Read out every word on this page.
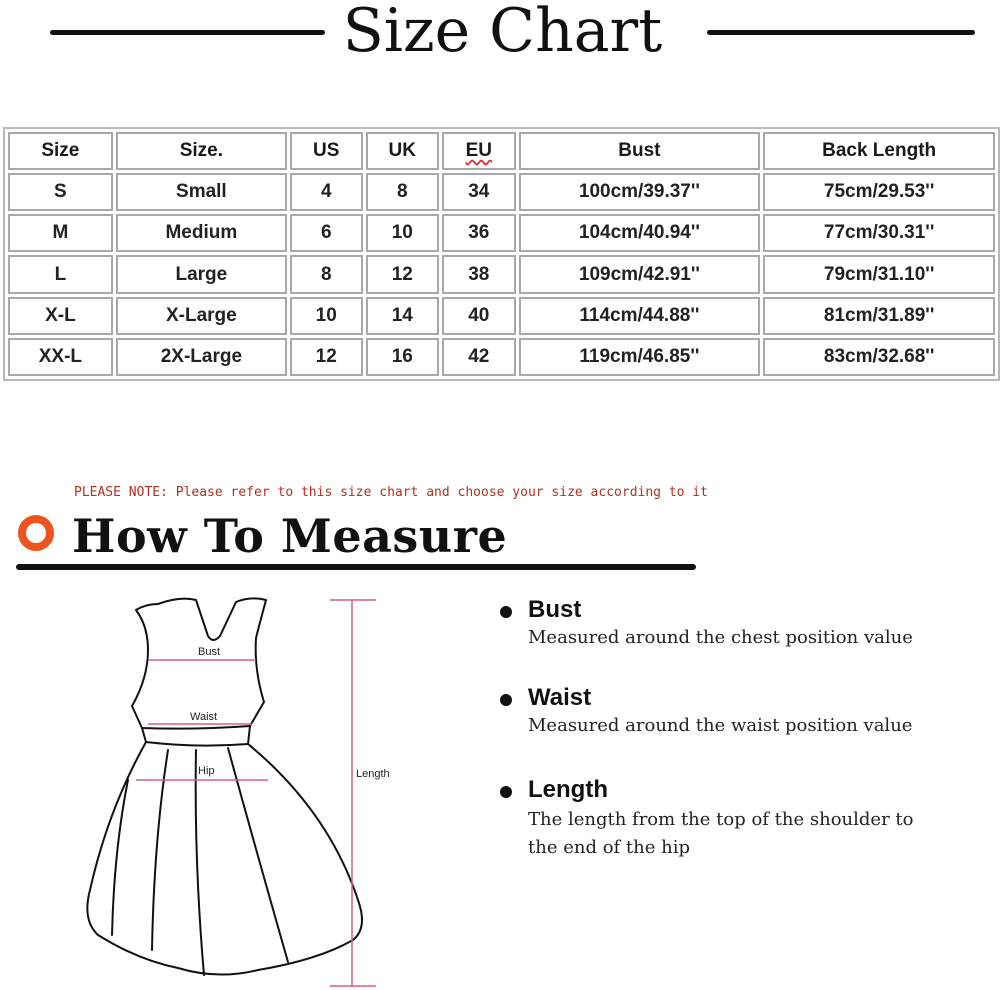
Size Chart
Size	Size.	US	UK	EU	Bust	Back Length
S	Small	4	8	34	100cm/39.37''	75cm/29.53''
M	Medium	6	10	36	104cm/40.94''	77cm/30.31''
L	Large	8	12	38	109cm/42.91''	79cm/31.10''
X-L	X-Large	10	14	40	114cm/44.88''	81cm/31.89''
XX-L	2X-Large	12	16	42	119cm/46.85''	83cm/32.68''
PLEASE NOTE: Please refer to this size chart and choose your size according to it
How To Measure
Bust
Waist
Hip	Length
Bust
Measured around the chest position value
Waist
Measured around the waist position value
Length
The length from the top of the shoulder to
the end of the hip
